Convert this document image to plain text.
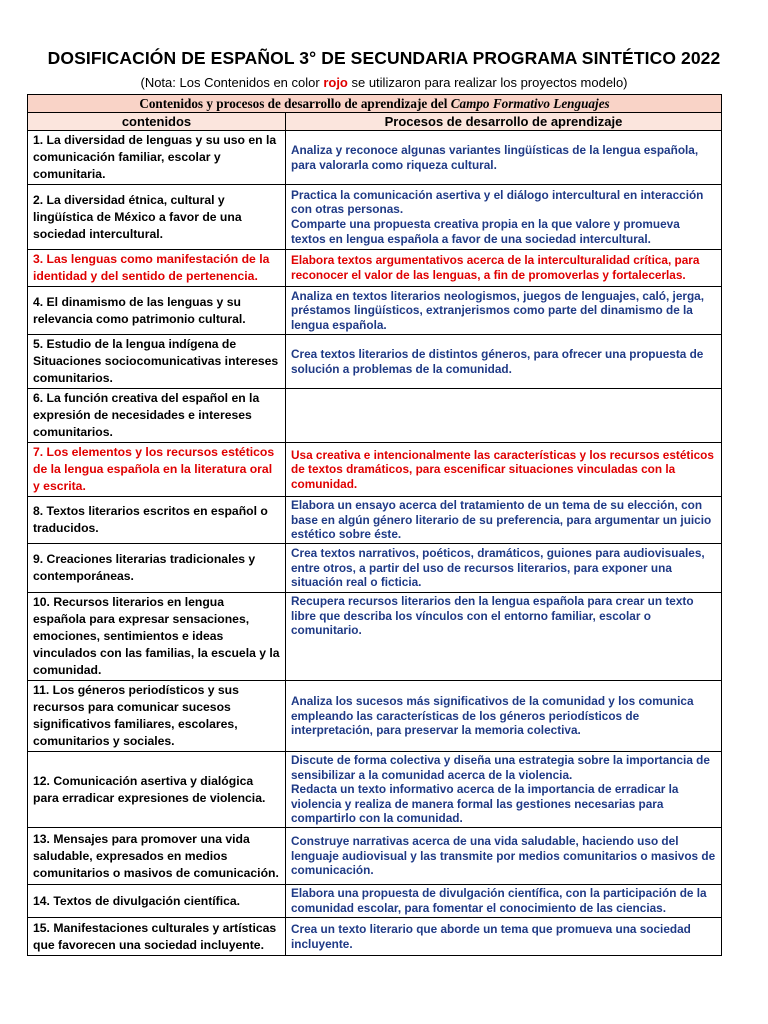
DOSIFICACIÓN DE ESPAÑOL 3° DE SECUNDARIA PROGRAMA SINTÉTICO 2022
(Nota: Los Contenidos en color rojo se utilizaron para realizar los proyectos modelo)
Contenidos y procesos de desarrollo de aprendizaje del Campo Formativo Lenguajes	
contenidos	Procesos de desarrollo de aprendizaje
1. La diversidad de lenguas y su uso en la comunicación familiar, escolar y comunitaria.	Analiza y reconoce algunas variantes lingüísticas de la lengua española, para valorarla como riqueza cultural.

2. La diversidad étnica, cultural y lingüística de México a favor de una sociedad intercultural.	Practica la comunicación asertiva y el diálogo intercultural en interacción con otras personas.
Comparte una propuesta creativa propia en la que valore y promueva textos en lengua española a favor de una sociedad intercultural.

3. Las lenguas como manifestación de la identidad y del sentido de pertenencia.	Elabora textos argumentativos acerca de la interculturalidad crítica, para reconocer el valor de las lenguas, a fin de promoverlas y fortalecerlas.

4. El dinamismo de las lenguas y su relevancia como patrimonio cultural.	Analiza en textos literarios neologismos, juegos de lenguajes, caló, jerga, préstamos lingüísticos, extranjerismos como parte del dinamismo de la lengua española.

5. Estudio de la lengua indígena de Situaciones sociocomunicativas intereses comunitarios.	Crea textos literarios de distintos géneros, para ofrecer una propuesta de solución a problemas de la comunidad.

6. La función creativa del español en la expresión de necesidades e intereses comunitarios.	

7. Los elementos y los recursos estéticos de la lengua española en la literatura oral y escrita.	Usa creativa e intencionalmente las características y los recursos estéticos de textos dramáticos, para escenificar situaciones vinculadas con la comunidad.

8. Textos literarios escritos en español o traducidos.	Elabora un ensayo acerca del tratamiento de un tema de su elección, con base en algún género literario de su preferencia, para argumentar un juicio estético sobre éste.

9. Creaciones literarias tradicionales y contemporáneas.	Crea textos narrativos, poéticos, dramáticos, guiones para audiovisuales, entre otros, a partir del uso de recursos literarios, para exponer una situación real o ficticia.

10. Recursos literarios en lengua española para expresar sensaciones, emociones, sentimientos e ideas vinculados con las familias, la escuela y la comunidad.	Recupera recursos literarios den la lengua española para crear un texto libre que describa los vínculos con el entorno familiar, escolar o comunitario.

11. Los géneros periodísticos y sus recursos para comunicar sucesos significativos familiares, escolares, comunitarios y sociales.	Analiza los sucesos más significativos de la comunidad y los comunica empleando las características de los géneros periodísticos de interpretación, para preservar la memoria colectiva.

12. Comunicación asertiva y dialógica para erradicar expresiones de violencia.	Discute de forma colectiva y diseña una estrategia sobre la importancia de sensibilizar a la comunidad acerca de la violencia.
Redacta un texto informativo acerca de la importancia de erradicar la violencia y realiza de manera formal las gestiones necesarias para compartirlo con la comunidad.

13. Mensajes para promover una vida saludable, expresados en medios comunitarios o masivos de comunicación.	Construye narrativas acerca de una vida saludable, haciendo uso del lenguaje audiovisual y las transmite por medios comunitarios o masivos de comunicación.

14. Textos de divulgación científica.	Elabora una propuesta de divulgación científica, con la participación de la comunidad escolar, para fomentar el conocimiento de las ciencias.

15. Manifestaciones culturales y artísticas que favorecen una sociedad incluyente.	Crea un texto literario que aborde un tema que promueva una sociedad incluyente.
